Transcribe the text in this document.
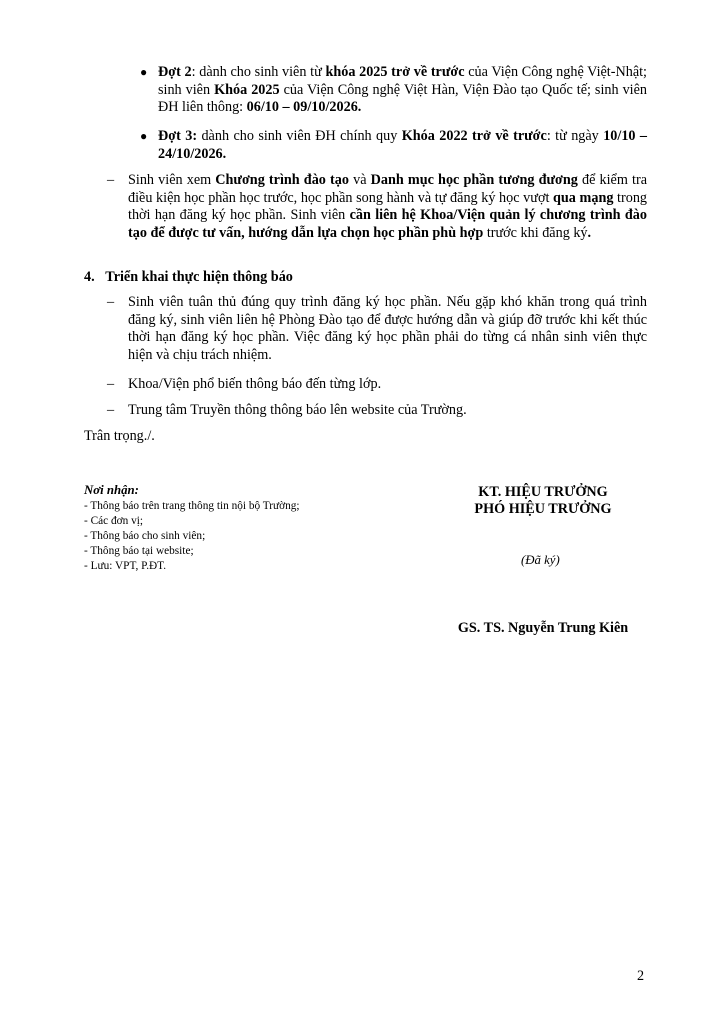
● Đợt 2: dành cho sinh viên từ khóa 2025 trở về trước của Viện Công nghệ Việt-Nhật; sinh viên Khóa 2025 của Viện Công nghệ Việt Hàn, Viện Đào tạo Quốc tế; sinh viên ĐH liên thông: 06/10 – 09/10/2026.

● Đợt 3: dành cho sinh viên ĐH chính quy Khóa 2022 trở về trước: từ ngày 10/10 – 24/10/2026.

– Sinh viên xem Chương trình đào tạo và Danh mục học phần tương đương để kiểm tra điều kiện học phần học trước, học phần song hành và tự đăng ký học vượt qua mạng trong thời hạn đăng ký học phần. Sinh viên cần liên hệ Khoa/Viện quản lý chương trình đào tạo để được tư vấn, hướng dẫn lựa chọn học phần phù hợp trước khi đăng ký.

4. Triển khai thực hiện thông báo
– Sinh viên tuân thủ đúng quy trình đăng ký học phần. Nếu gặp khó khăn trong quá trình đăng ký, sinh viên liên hệ Phòng Đào tạo để được hướng dẫn và giúp đỡ trước khi kết thúc thời hạn đăng ký học phần. Việc đăng ký học phần phải do từng cá nhân sinh viên thực hiện và chịu trách nhiệm.

– Khoa/Viện phổ biến thông báo đến từng lớp.

– Trung tâm Truyền thông thông báo lên website của Trường.

Trân trọng./.

Nơi nhận:
- Thông báo trên trang thông tin nội bộ Trường;
- Các đơn vị;
- Thông báo cho sinh viên;
- Thông báo tại website;
- Lưu: VPT, P.ĐT.
KT. HIỆU TRƯỞNG
PHÓ HIỆU TRƯỞNG
(Đã ký)
GS. TS. Nguyễn Trung Kiên
2
